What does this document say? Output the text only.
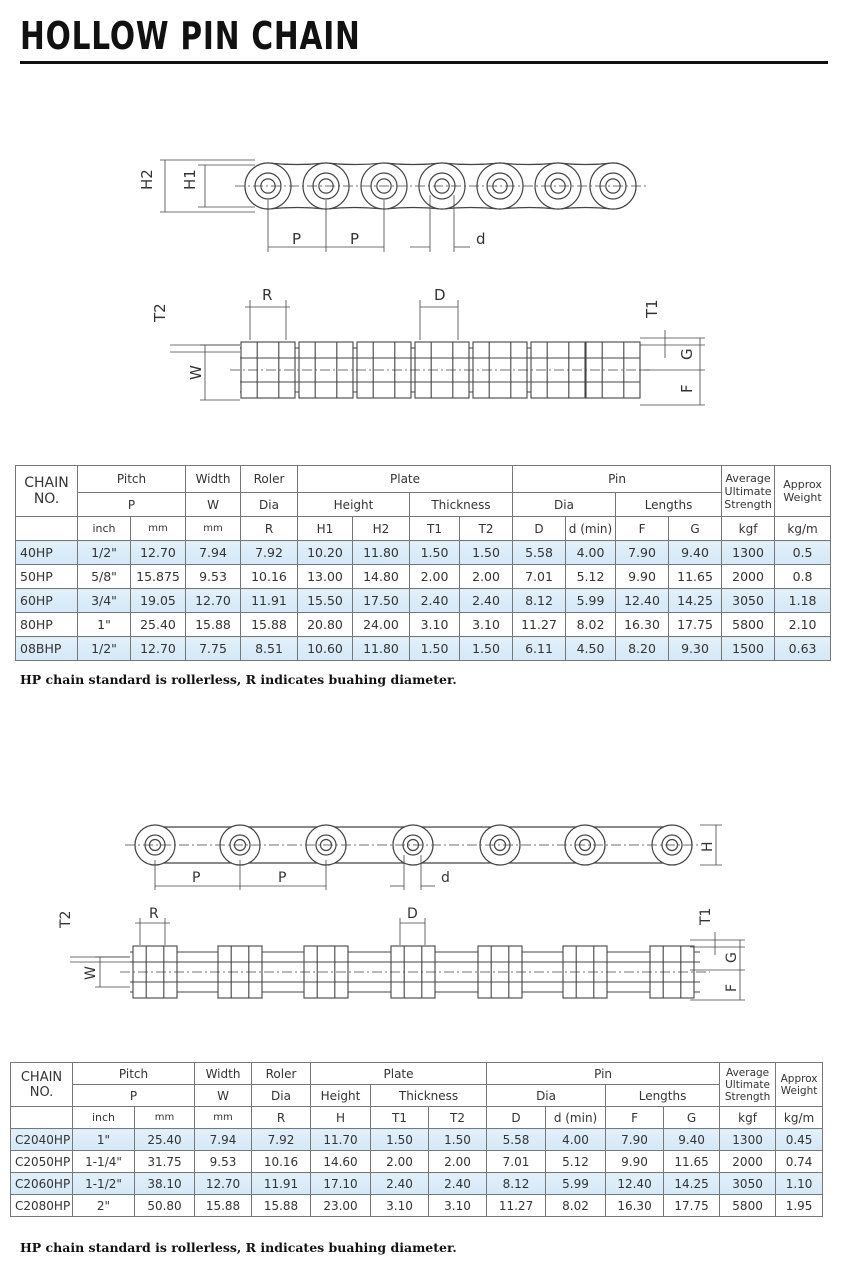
HOLLOW PIN CHAIN
H2 H1
P	P	d
R	D
T2
W
T1
G
F
CHAIN NO.	Pitch		Width	Roler	Plate				Pin				Average Ultimate Strength	Approx Weight
	P		W	Dia	Height		Thickness		Dia		Lengths			
	inch	mm	mm	R	H1	H2	T1	T2	D	d (min)	F	G	kgf	kg/m
40HP	1/2"	12.70	7.94	7.92	10.20	11.80	1.50	1.50	5.58	4.00	7.90	9.40	1300	0.5
50HP	5/8"	15.875	9.53	10.16	13.00	14.80	2.00	2.00	7.01	5.12	9.90	11.65	2000	0.8
60HP	3/4"	19.05	12.70	11.91	15.50	17.50	2.40	2.40	8.12	5.99	12.40	14.25	3050	1.18
80HP	1"	25.40	15.88	15.88	20.80	24.00	3.10	3.10	11.27	8.02	16.30	17.75	5800	2.10
08BHP	1/2"	12.70	7.75	8.51	10.60	11.80	1.50	1.50	6.11	4.50	8.20	9.30	1500	0.63
HP chain standard is rollerless, R indicates buahing diameter.
H
P	P	d
R	D
T2
W
T1
G
F
CHAIN NO.	Pitch		Width	Roler	Plate			Pin				Average Ultimate Strength	Approx Weight
	P		W	Dia	Height	Thickness		Dia		Lengths			
	inch	mm	mm	R	H	T1	T2	D	d (min)	F	G	kgf	kg/m
C2040HP	1"	25.40	7.94	7.92	11.70	1.50	1.50	5.58	4.00	7.90	9.40	1300	0.45
C2050HP	1-1/4"	31.75	9.53	10.16	14.60	2.00	2.00	7.01	5.12	9.90	11.65	2000	0.74
C2060HP	1-1/2"	38.10	12.70	11.91	17.10	2.40	2.40	8.12	5.99	12.40	14.25	3050	1.10
C2080HP	2"	50.80	15.88	15.88	23.00	3.10	3.10	11.27	8.02	16.30	17.75	5800	1.95
HP chain standard is rollerless, R indicates buahing diameter.
